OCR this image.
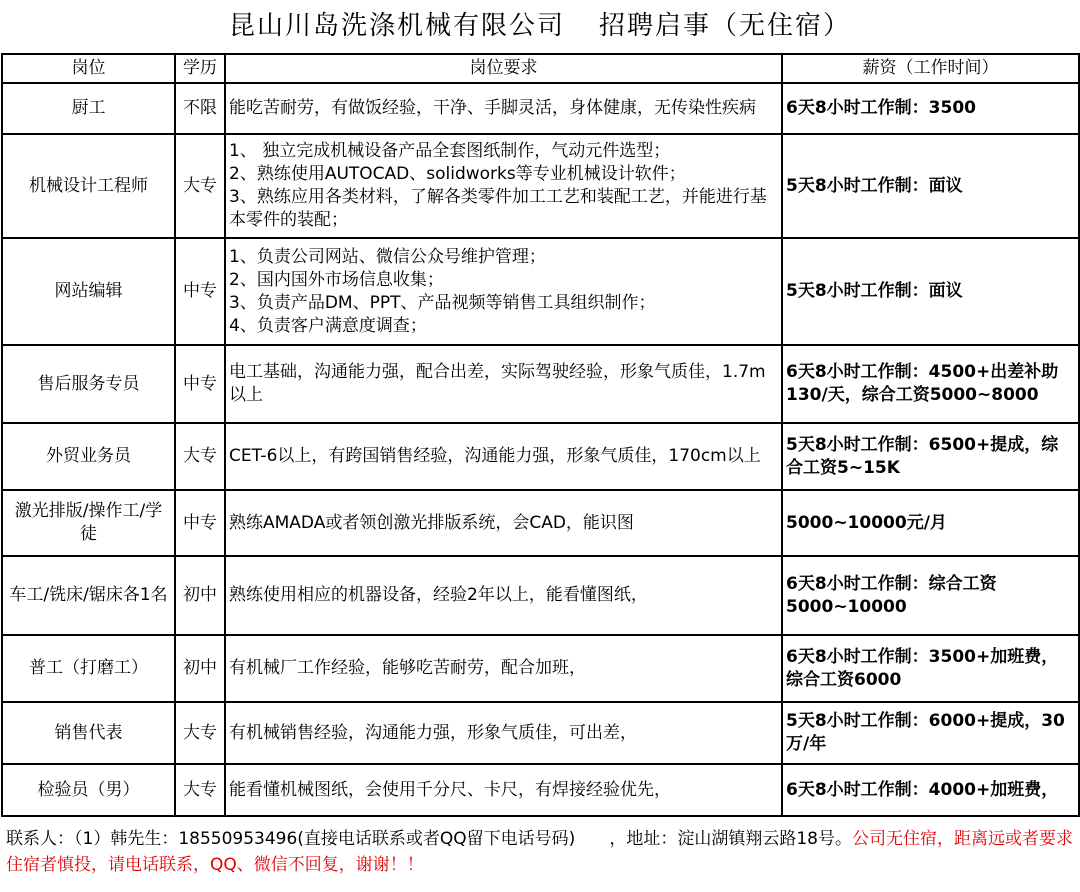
昆山川岛洗涤机械有限公司 招聘启事（无住宿）
岗位	学历	岗位要求	薪资（工作时间）
厨工	不限	能吃苦耐劳，有做饭经验，干净、手脚灵活，身体健康，无传染性疾病	6天8小时工作制：3500
机械设计工程师	大专	1、 独立完成机械设备产品全套图纸制作，气动元件选型；
2、熟练使用AUTOCAD、solidworks等专业机械设计软件；
3、熟练应用各类材料，了解各类零件加工工艺和装配工艺，并能进行基本零件的装配；	5天8小时工作制：面议
网站编辑	中专	1、负责公司网站、微信公众号维护管理；
2、国内国外市场信息收集；
3、负责产品DM、PPT、产品视频等销售工具组织制作；
4、负责客户满意度调查；	5天8小时工作制：面议
售后服务专员	中专	电工基础，沟通能力强，配合出差，实际驾驶经验，形象气质佳，1.7m 以上	6天8小时工作制：4500+出差补助130/天，综合工资5000~8000
外贸业务员	大专	CET-6以上，有跨国销售经验，沟通能力强，形象气质佳，170cm以上	5天8小时工作制：6500+提成，综合工资5~15K
激光排版/操作工/学徒	中专	熟练AMADA或者领创激光排版系统，会CAD，能识图	5000~10000元/月
车工/铣床/锯床各1名	初中	熟练使用相应的机器设备，经验2年以上，能看懂图纸，	6天8小时工作制：综合工资5000~10000
普工（打磨工）	初中	有机械厂工作经验，能够吃苦耐劳，配合加班，	6天8小时工作制：3500+加班费，综合工资6000
销售代表	大专	有机械销售经验，沟通能力强，形象气质佳，可出差，	5天8小时工作制：6000+提成，30万/年
检验员（男）	大专	能看懂机械图纸，会使用千分尺、卡尺，有焊接经验优先，	6天8小时工作制：4000+加班费，
联系人：（1）韩先生：18550953496(直接电话联系或者QQ留下电话号码)　　，地址：淀山湖镇翔云路18号。公司无住宿，距离远或者要求住宿者慎投，请电话联系，QQ、微信不回复，谢谢！！
